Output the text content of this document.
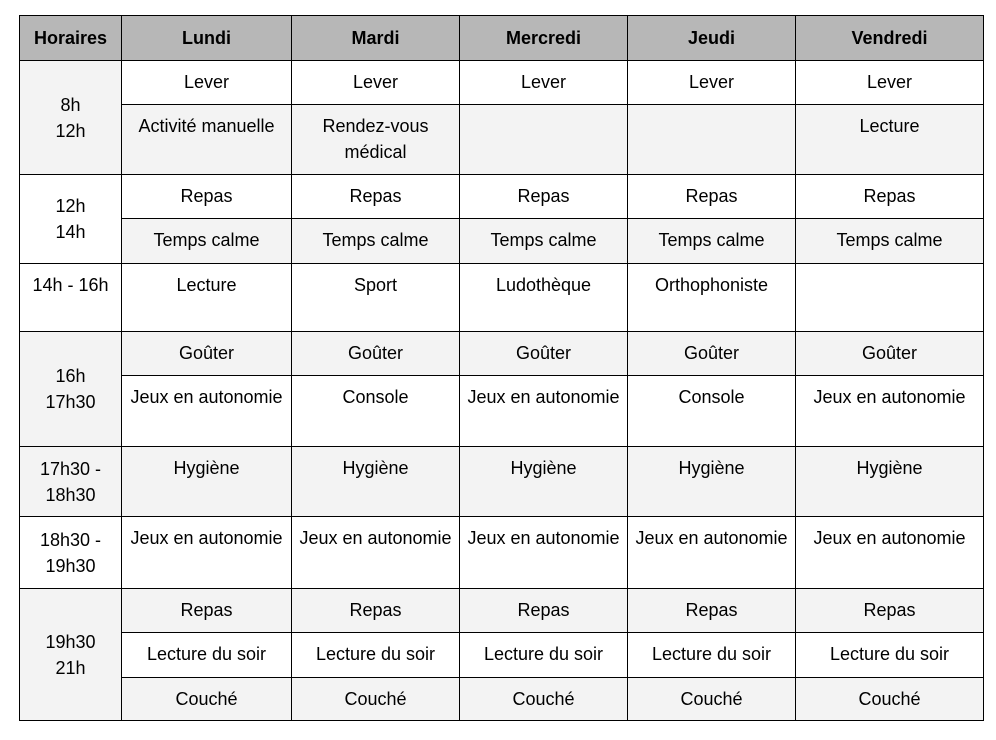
Horaires	Lundi	Mardi	Mercredi	Jeudi	Vendredi

8h
12h	Lever	Lever	Lever	Lever	Lever
	Activité manuelle	Rendez-vous médical			Lecture

12h
14h	Repas	Repas	Repas	Repas	Repas
	Temps calme	Temps calme	Temps calme	Temps calme	Temps calme

14h - 16h	Lecture	Sport	Ludothèque	Orthophoniste	

16h
17h30	Goûter	Goûter	Goûter	Goûter	Goûter
	Jeux en autonomie	Console	Jeux en autonomie	Console	Jeux en autonomie

17h30 -
18h30	Hygiène	Hygiène	Hygiène	Hygiène	Hygiène

18h30 -
19h30	Jeux en autonomie	Jeux en autonomie	Jeux en autonomie	Jeux en autonomie	Jeux en autonomie

19h30
21h	Repas	Repas	Repas	Repas	Repas
	Lecture du soir	Lecture du soir	Lecture du soir	Lecture du soir	Lecture du soir
	Couché	Couché	Couché	Couché	Couché
